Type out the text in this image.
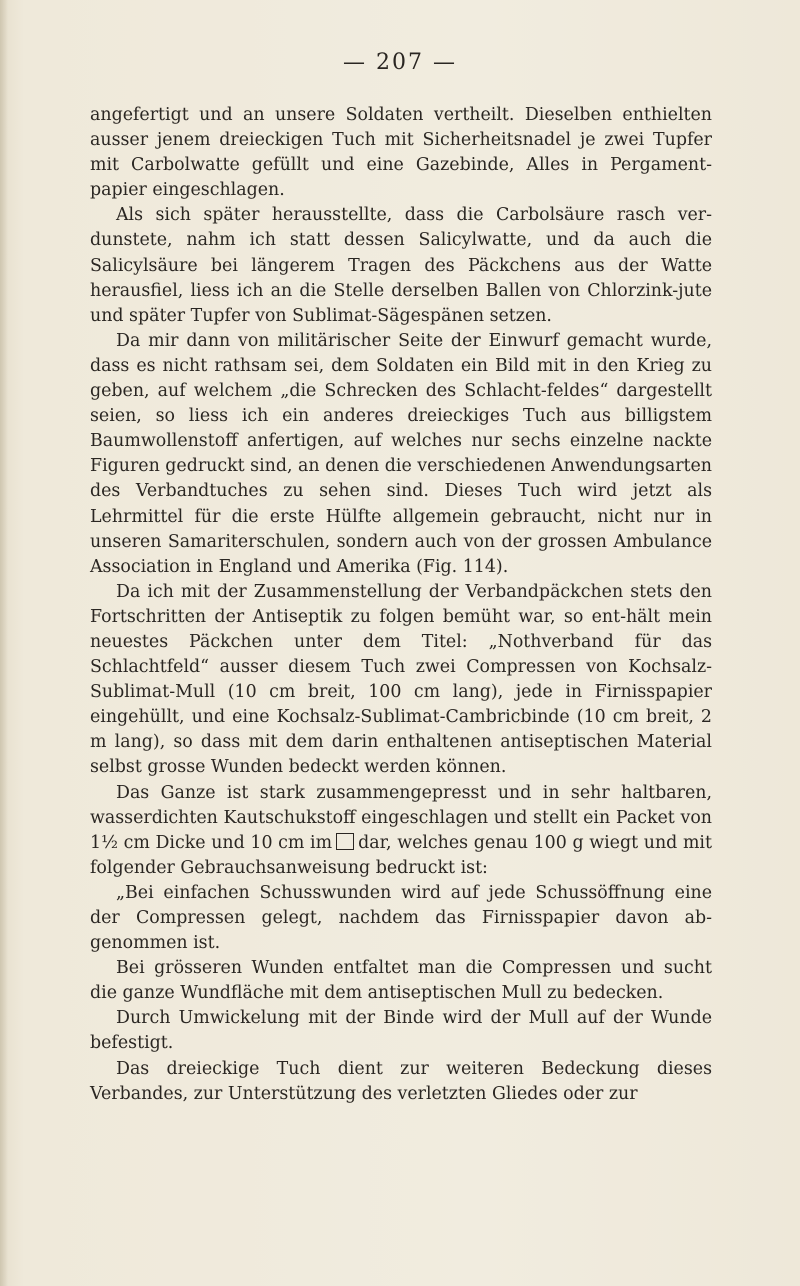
— 207 —

angefertigt und an unsere Soldaten vertheilt. Dieselben enthielten ausser jenem dreieckigen Tuch mit Sicherheitsnadel je zwei Tupfer mit Carbolwatte gefüllt und eine Gazebinde, Alles in Pergament-papier eingeschlagen.

Als sich später herausstellte, dass die Carbolsäure rasch ver-dunstete, nahm ich statt dessen Salicylwatte, und da auch die Salicylsäure bei längerem Tragen des Päckchens aus der Watte herausfiel, liess ich an die Stelle derselben Ballen von Chlorzink-jute und später Tupfer von Sublimat-Sägespänen setzen.

Da mir dann von militärischer Seite der Einwurf gemacht wurde, dass es nicht rathsam sei, dem Soldaten ein Bild mit in den Krieg zu geben, auf welchem „die Schrecken des Schlacht-feldes“ dargestellt seien, so liess ich ein anderes dreieckiges Tuch aus billigstem Baumwollenstoff anfertigen, auf welches nur sechs einzelne nackte Figuren gedruckt sind, an denen die verschiedenen Anwendungsarten des Verbandtuches zu sehen sind. Dieses Tuch wird jetzt als Lehrmittel für die erste Hülfte allgemein gebraucht, nicht nur in unseren Samariterschulen, sondern auch von der grossen Ambulance Association in England und Amerika (Fig. 114).

Da ich mit der Zusammenstellung der Verbandpäckchen stets den Fortschritten der Antiseptik zu folgen bemüht war, so ent-hält mein neuestes Päckchen unter dem Titel: „Nothverband für das Schlachtfeld“ ausser diesem Tuch zwei Compressen von Kochsalz-Sublimat-Mull (10 cm breit, 100 cm lang), jede in Firnisspapier eingehüllt, und eine Kochsalz-Sublimat-Cambricbinde (10 cm breit, 2 m lang), so dass mit dem darin enthaltenen antiseptischen Material selbst grosse Wunden bedeckt werden können.

Das Ganze ist stark zusammengepresst und in sehr haltbaren, wasserdichten Kautschukstoff eingeschlagen und stellt ein Packet von 1½ cm Dicke und 10 cm im dar, welches genau 100 g wiegt und mit folgender Gebrauchsanweisung bedruckt ist:

„Bei einfachen Schusswunden wird auf jede Schussöffnung eine der Compressen gelegt, nachdem das Firnisspapier davon ab-genommen ist.

Bei grösseren Wunden entfaltet man die Compressen und sucht die ganze Wundfläche mit dem antiseptischen Mull zu bedecken.

Durch Umwickelung mit der Binde wird der Mull auf der Wunde befestigt.

Das dreieckige Tuch dient zur weiteren Bedeckung dieses Verbandes, zur Unterstützung des verletzten Gliedes oder zur
